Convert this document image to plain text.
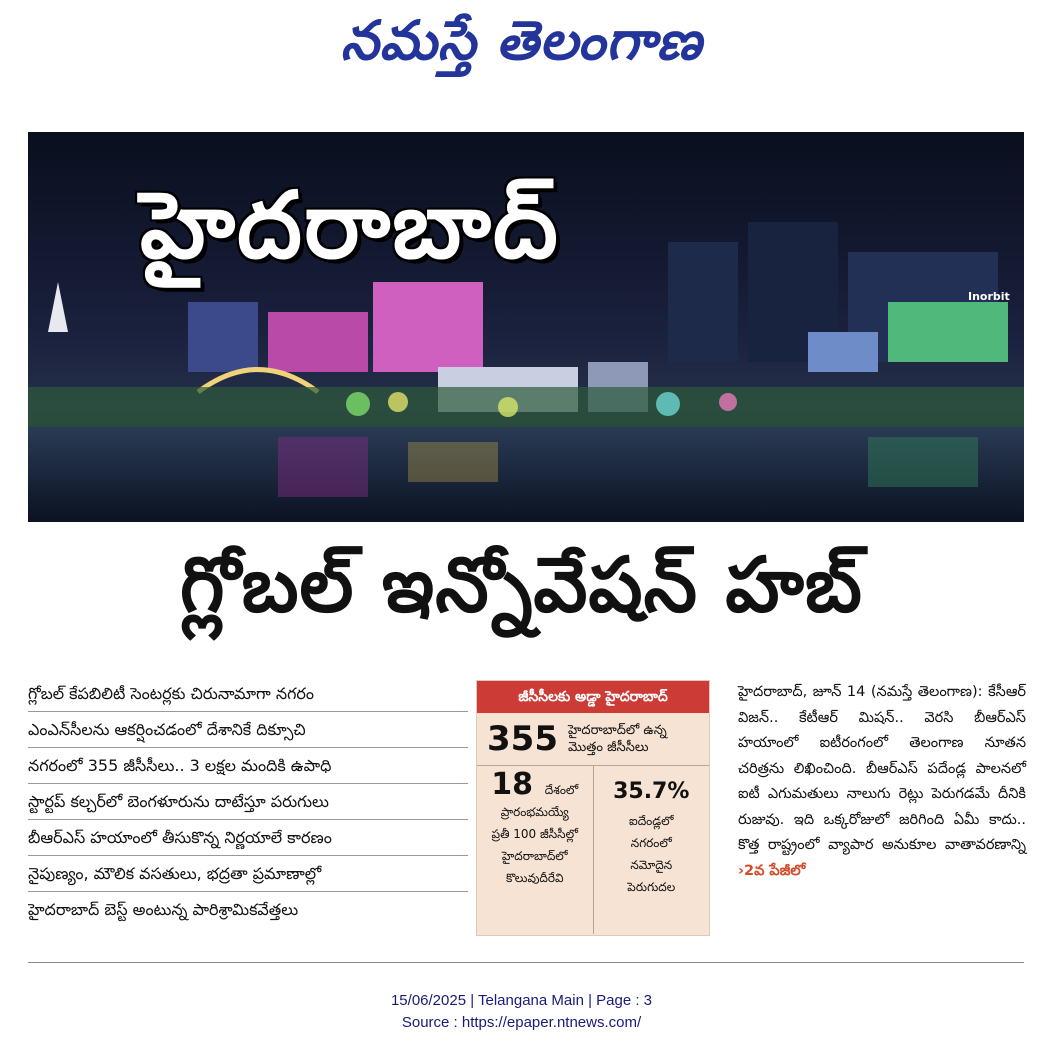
నమస్తే తెలంగాణ
హైదరాబాద్
Inorbit
గ్లోబల్ ఇన్నోవేషన్ హబ్
గ్లోబల్ కేపబిలిటీ సెంటర్లకు చిరునామాగా నగరం
ఎంఎన్‌సీలను ఆకర్షించడంలో దేశానికే దిక్సూచి
నగరంలో 355 జీసీసీలు.. 3 లక్షల మందికి ఉపాధి
స్టార్టప్ కల్చర్‌లో బెంగళూరును దాటేస్తూ పరుగులు
బీఆర్‌ఎస్ హయాంలో తీసుకొన్న నిర్ణయాలే కారణం
నైపుణ్యం, మౌలిక వసతులు, భద్రతా ప్రమాణాల్లో
హైదరాబాద్ బెస్ట్ అంటున్న పారిశ్రామికవేత్తలు
జీసీసీలకు అడ్డా హైదరాబాద్
355 హైదరాబాద్‌లో ఉన్న
మొత్తం జీసీసీలు
18 దేశంలో
ప్రారంభమయ్యే
ప్రతీ 100 జీసీసీల్లో
హైదరాబాద్‌లో
కొలువుదీరేవి
35.7%
ఐదేండ్లలో
నగరంలో
నమోదైన
పెరుగుదల
హైదరాబాద్, జూన్ 14 (నమస్తే తెలంగాణ): కేసీఆర్ విజన్.. కేటీఆర్ మిషన్.. వెరసి బీఆర్‌ఎస్ హయాంలో ఐటీరంగంలో తెలంగాణ నూతన చరిత్రను లిఖించింది. బీఆర్‌ఎస్ పదేండ్ల పాలనలో ఐటీ ఎగుమతులు నాలుగు రెట్లు పెరుగడమే దీనికి రుజువు. ఇది ఒక్కరోజులో జరిగింది ఏమీ కాదు.. కొత్త రాష్ట్రంలో వ్యాపార అనుకూల వాతావరణాన్ని ›2వ పేజీలో
15/06/2025 | Telangana Main | Page : 3
Source : https://epaper.ntnews.com/
